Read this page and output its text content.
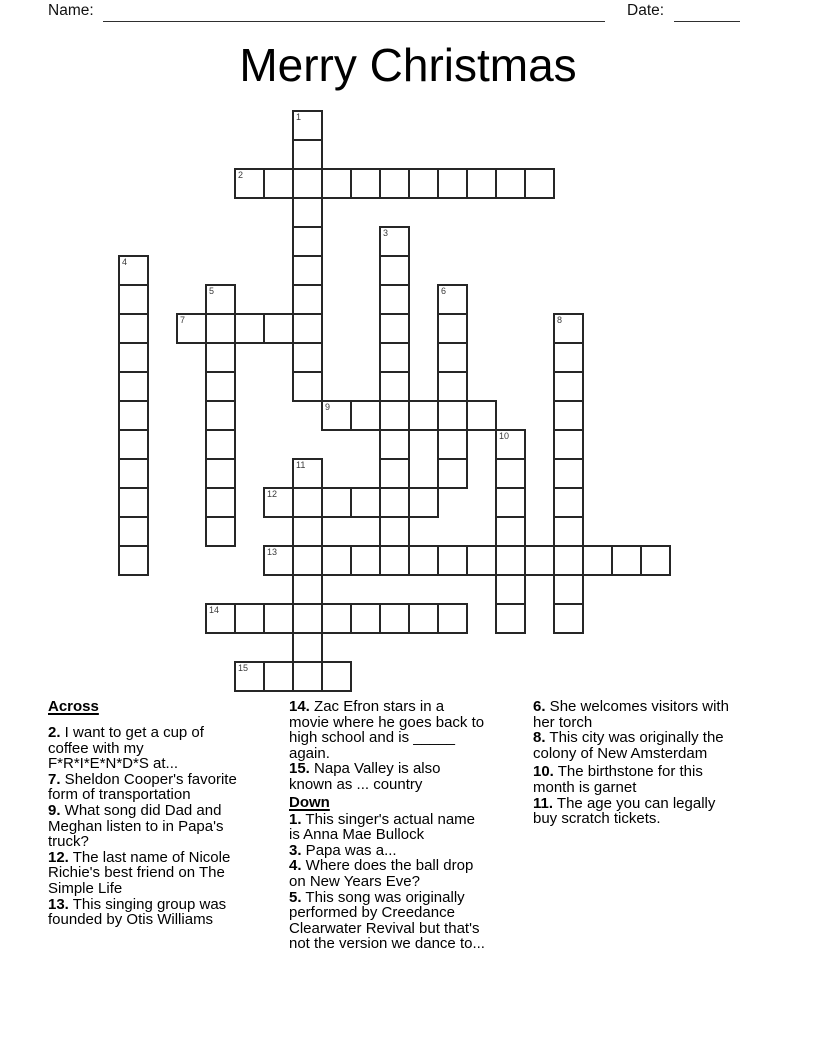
Name:	Date:
Merry Christmas
2
7
9
12
13
14
15
1
3
4
5	6
8
10
11
Across

2. I want to get a cup of coffee with my F*R*I*E*N*D*S at...

7. Sheldon Cooper's favorite form of transportation

9. What song did Dad and Meghan listen to in Papa's truck?

12. The last name of Nicole Richie's best friend on The Simple Life

13. This singing group was founded by Otis Williams

14. Zac Efron stars in a movie where he goes back to high school and is _____ again.

15. Napa Valley is also known as ... country

Down

1. This singer's actual name is Anna Mae Bullock

3. Papa was a...

4. Where does the ball drop on New Years Eve?

5. This song was originally performed by Creedance Clearwater Revival but that's not the version we dance to...

6. She welcomes visitors with her torch

8. This city was originally the colony of New Amsterdam

10. The birthstone for this month is garnet

11. The age you can legally buy scratch tickets.
